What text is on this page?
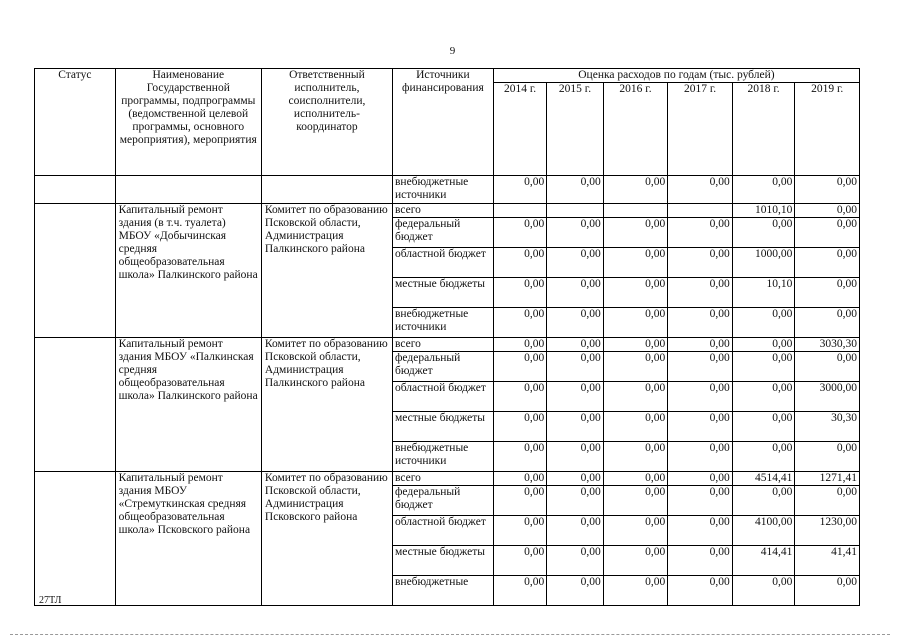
9
Статус	Наименование Государственной программы, подпрограммы (ведомственной целевой программы, основного мероприятия), мероприятия	Ответственный исполнитель, соисполнители, исполнитель-координатор	Источники финансирования	Оценка расходов по годам (тыс. рублей)					
				2014 г.	2015 г.	2016 г.	2017 г.	2018 г.	2019 г.
			внебюджетные источники	0,00	0,00	0,00	0,00	0,00	0,00
	Капитальный ремонт здания (в т.ч. туалета) МБОУ «Добычинская средняя общеобразовательная школа» Палкинского района	Комитет по образованию Псковской области, Администрация Палкинского района	всего					1010,10	0,00
			федеральный бюджет	0,00	0,00	0,00	0,00	0,00	0,00
			областной бюджет	0,00	0,00	0,00	0,00	1000,00	0,00
			местные бюджеты	0,00	0,00	0,00	0,00	10,10	0,00
			внебюджетные источники	0,00	0,00	0,00	0,00	0,00	0,00
	Капитальный ремонт здания МБОУ «Палкинская средняя общеобразовательная школа» Палкинского района	Комитет по образованию Псковской области, Администрация Палкинского района	всего	0,00	0,00	0,00	0,00	0,00	3030,30
			федеральный бюджет	0,00	0,00	0,00	0,00	0,00	0,00
			областной бюджет	0,00	0,00	0,00	0,00	0,00	3000,00
			местные бюджеты	0,00	0,00	0,00	0,00	0,00	30,30
			внебюджетные источники	0,00	0,00	0,00	0,00	0,00	0,00
	Капитальный ремонт здания МБОУ «Стремуткинская средняя общеобразовательная школа» Псковского района	Комитет по образованию Псковской области, Администрация Псковского района	всего	0,00	0,00	0,00	0,00	4514,41	1271,41
			федеральный бюджет	0,00	0,00	0,00	0,00	0,00	0,00
			областной бюджет	0,00	0,00	0,00	0,00	4100,00	1230,00
			местные бюджеты	0,00	0,00	0,00	0,00	414,41	41,41
			внебюджетные	0,00	0,00	0,00	0,00	0,00	0,00
27ТЛ
